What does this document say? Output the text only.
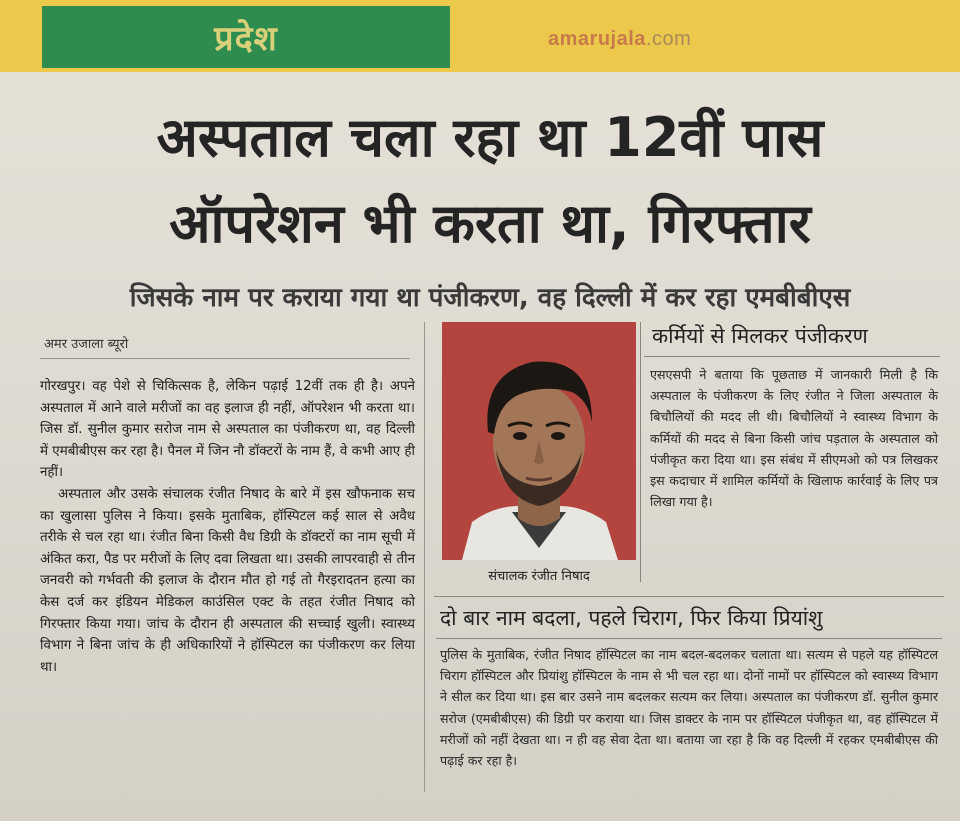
प्रदेश	amarujala.com
अस्पताल चला रहा था 12वीं पास
ऑपरेशन भी करता था, गिरफ्तार
जिसके नाम पर कराया गया था पंजीकरण, वह दिल्ली में कर रहा एमबीबीएस
अमर उजाला ब्यूरो

गोरखपुर। वह पेशे से चिकित्सक है, लेकिन पढ़ाई 12वीं तक ही है। अपने अस्पताल में आने वाले मरीजों का वह इलाज ही नहीं, ऑपरेशन भी करता था। जिस डॉ. सुनील कुमार सरोज नाम से अस्पताल का पंजीकरण था, वह दिल्ली में एमबीबीएस कर रहा है। पैनल में जिन नौ डॉक्टरों के नाम हैं, वे कभी आए ही नहीं।

अस्पताल और उसके संचालक रंजीत निषाद के बारे में इस खौफनाक सच का खुलासा पुलिस ने किया। इसके मुताबिक, हॉस्पिटल कई साल से अवैध तरीके से चल रहा था। रंजीत बिना किसी वैध डिग्री के डॉक्टरों का नाम सूची में अंकित करा, पैड पर मरीजों के लिए दवा लिखता था। उसकी लापरवाही से तीन जनवरी को गर्भवती की इलाज के दौरान मौत हो गई तो गैरइरादतन हत्या का केस दर्ज कर इंडियन मेडिकल काउंसिल एक्ट के तहत रंजीत निषाद को गिरफ्तार किया गया। जांच के दौरान ही अस्पताल की सच्चाई खुली। स्वास्थ्य विभाग ने बिना जांच के ही अधिकारियों ने हॉस्पिटल का पंजीकरण कर लिया था।

संचालक रंजीत निषाद
कर्मियों से मिलकर पंजीकरण
एसएसपी ने बताया कि पूछताछ में जानकारी मिली है कि अस्पताल के पंजीकरण के लिए रंजीत ने जिला अस्पताल के बिचौलियों की मदद ली थी। बिचौलियों ने स्वास्थ्य विभाग के कर्मियों की मदद से बिना किसी जांच पड़ताल के अस्पताल को पंजीकृत करा दिया था। इस संबंध में सीएमओ को पत्र लिखकर इस कदाचार में शामिल कर्मियों के खिलाफ कार्रवाई के लिए पत्र लिखा गया है।
दो बार नाम बदला, पहले चिराग, फिर किया प्रियांशु
पुलिस के मुताबिक, रंजीत निषाद हॉस्पिटल का नाम बदल-बदलकर चलाता था। सत्यम से पहले यह हॉस्पिटल चिराग हॉस्पिटल और प्रियांशु हॉस्पिटल के नाम से भी चल रहा था। दोनों नामों पर हॉस्पिटल को स्वास्थ्य विभाग ने सील कर दिया था। इस बार उसने नाम बदलकर सत्यम कर लिया। अस्पताल का पंजीकरण डॉ. सुनील कुमार सरोज (एमबीबीएस) की डिग्री पर कराया था। जिस डाक्टर के नाम पर हॉस्पिटल पंजीकृत था, वह हॉस्पिटल में मरीजों को नहीं देखता था। न ही वह सेवा देता था। बताया जा रहा है कि वह दिल्ली में रहकर एमबीबीएस की पढ़ाई कर रहा है।
